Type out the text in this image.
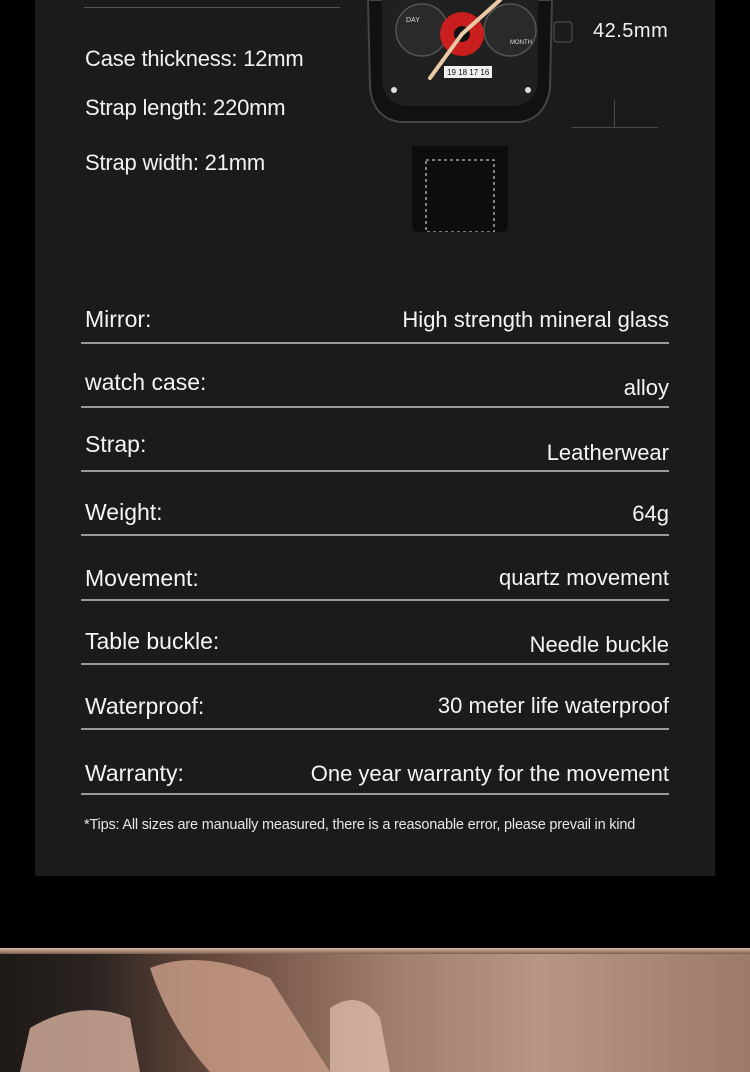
Case thickness: 12mm
Strap length: 220mm
Strap width: 21mm
DAY
MONTH
19 18 17 16
42.5mm
Mirror:	High strength mineral glass
watch case:	alloy
Strap:	Leatherwear
Weight:	64g
Movement:	quartz movement
Table buckle:	Needle buckle
Waterproof:	30 meter life waterproof
Warranty:	One year warranty for the movement
*Tips: All sizes are manually measured, there is a reasonable error, please prevail in kind
